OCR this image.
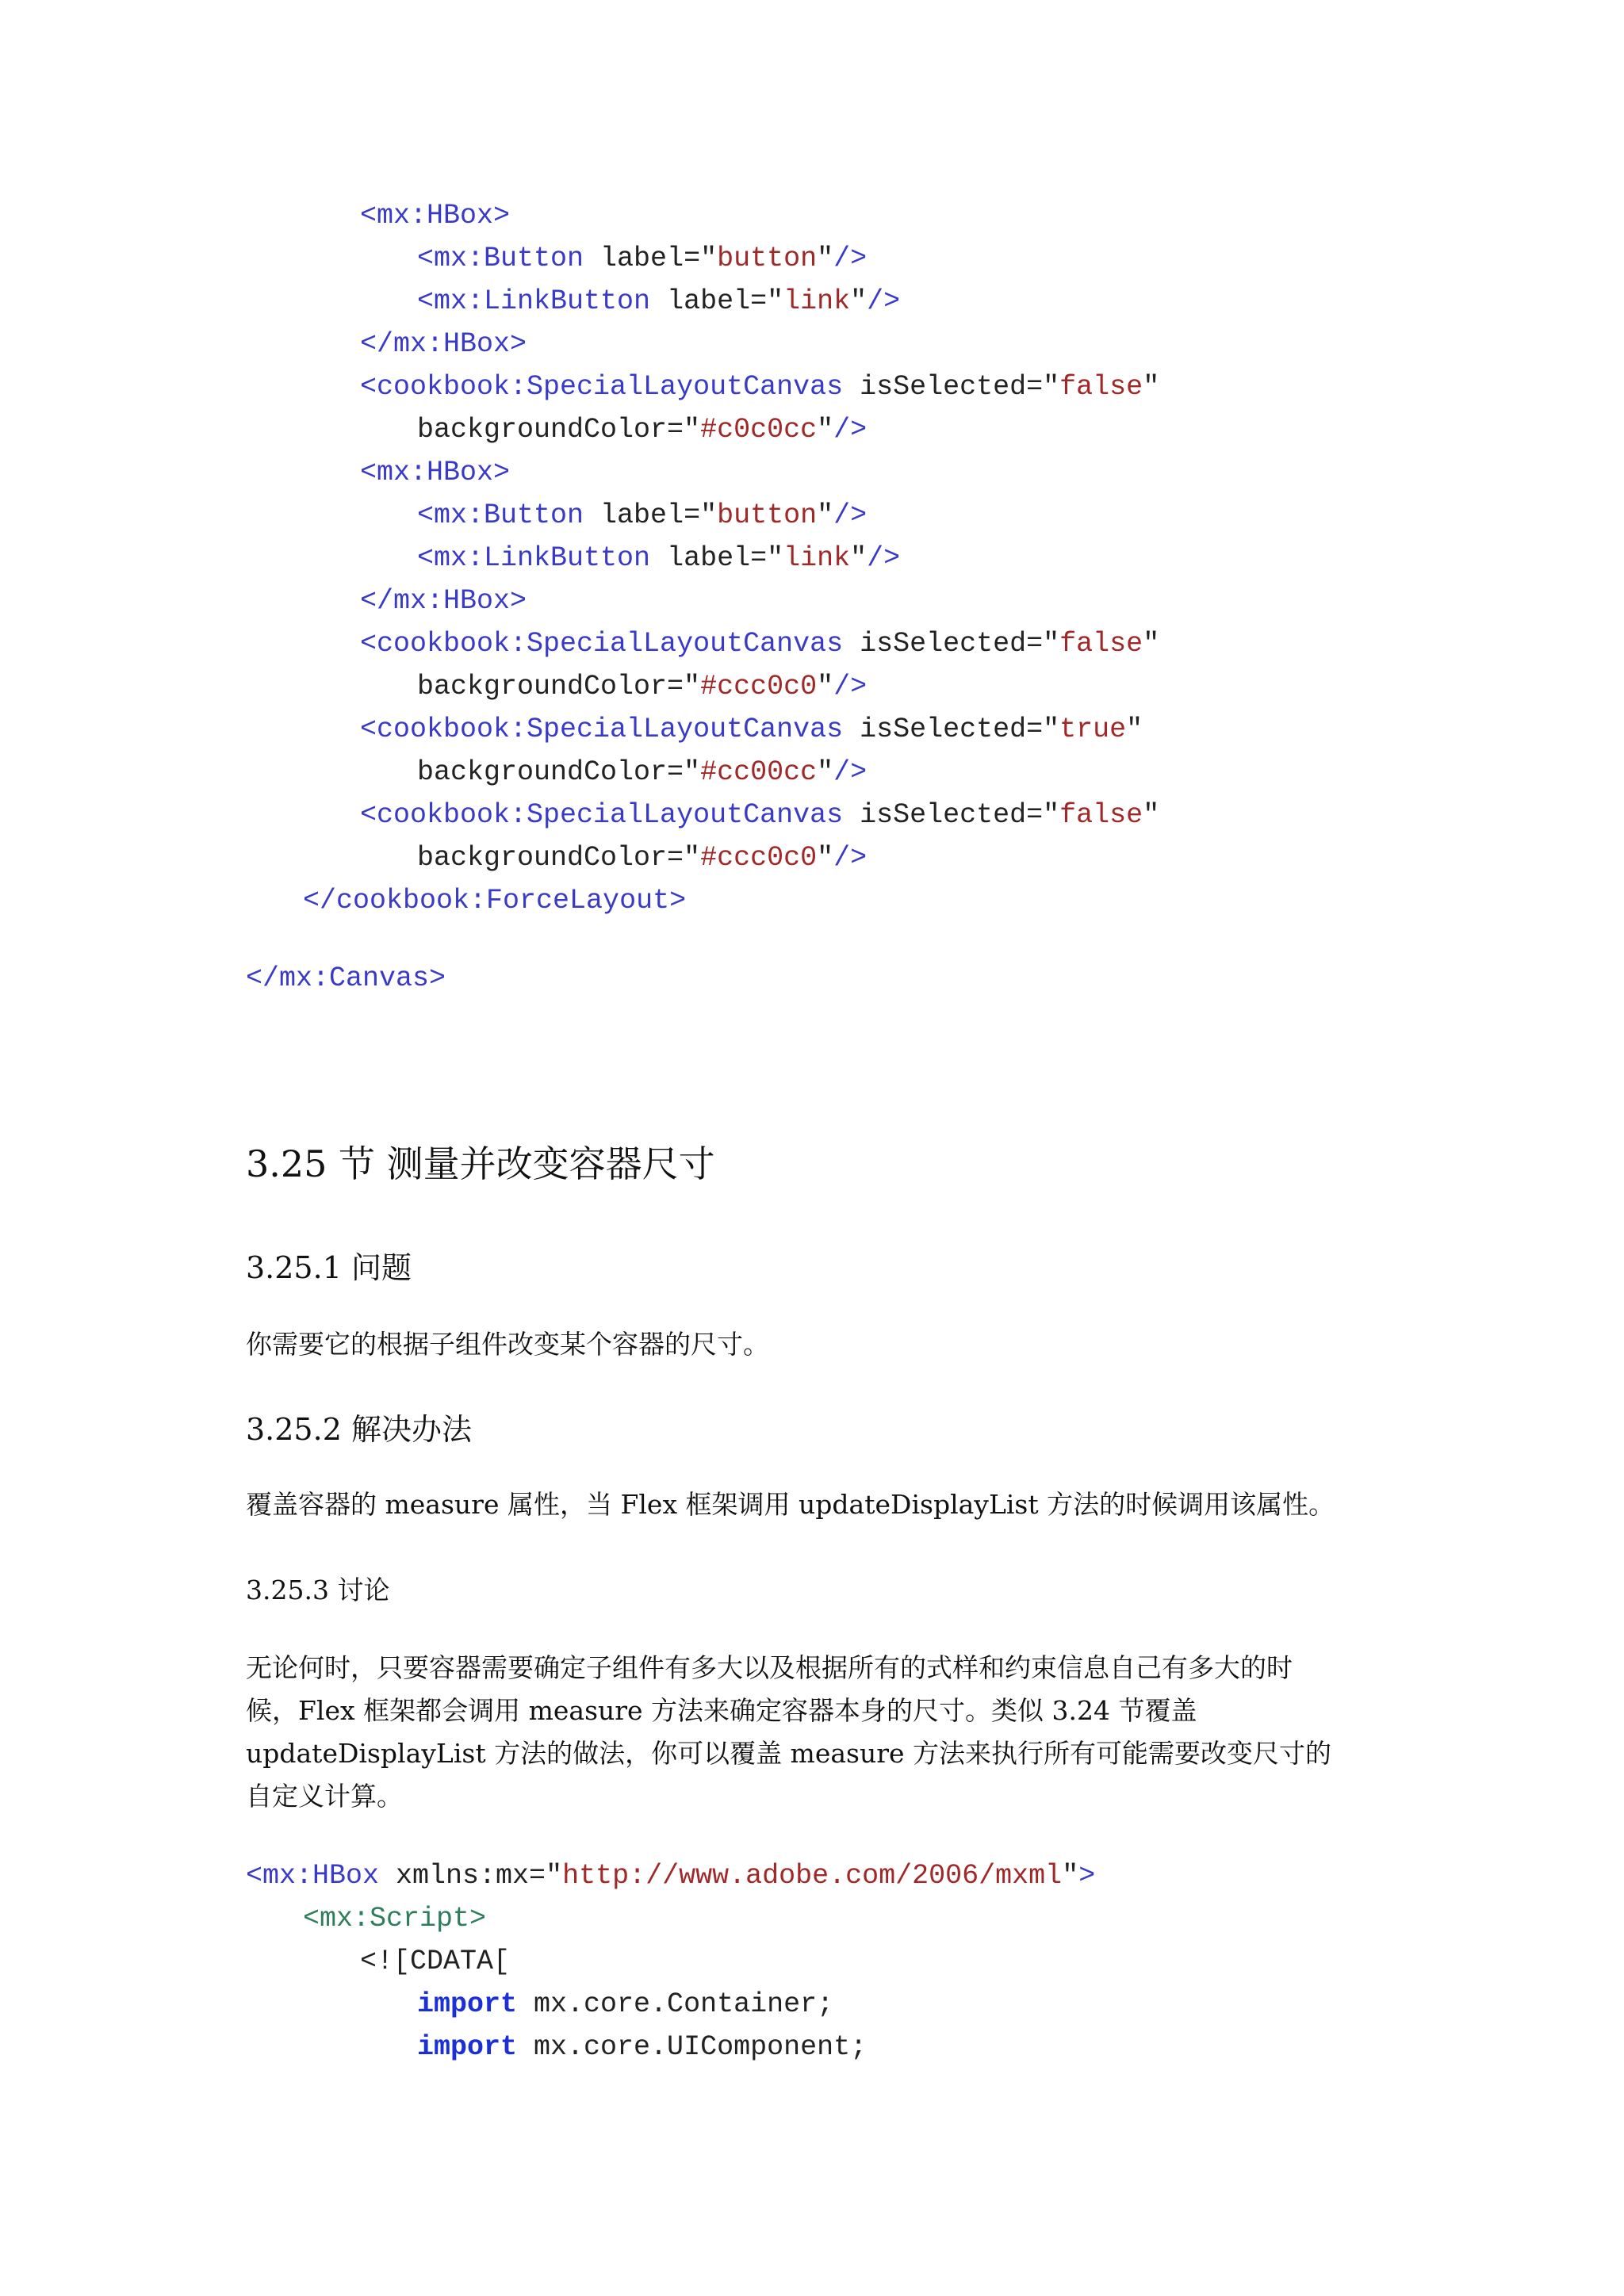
<mx:HBox>
<mx:Button label="button"/>
<mx:LinkButton label="link"/>
</mx:HBox>
<cookbook:SpecialLayoutCanvas isSelected="false"
backgroundColor="#c0c0cc"/>
<mx:HBox>
<mx:Button label="button"/>
<mx:LinkButton label="link"/>
</mx:HBox>
<cookbook:SpecialLayoutCanvas isSelected="false"
backgroundColor="#ccc0c0"/>
<cookbook:SpecialLayoutCanvas isSelected="true"
backgroundColor="#cc00cc"/>
<cookbook:SpecialLayoutCanvas isSelected="false"
backgroundColor="#ccc0c0"/>
</cookbook:ForceLayout>
</mx:Canvas>
3.25 节 测量并改变容器尺寸
3.25.1 问题
你需要它的根据子组件改变某个容器的尺寸。
3.25.2 解决办法
覆盖容器的 measure 属性，当 Flex 框架调用 updateDisplayList 方法的时候调用该属性。
3.25.3 讨论
无论何时，只要容器需要确定子组件有多大以及根据所有的式样和约束信息自己有多大的时
候，Flex 框架都会调用 measure 方法来确定容器本身的尺寸。类似 3.24 节覆盖
updateDisplayList 方法的做法，你可以覆盖 measure 方法来执行所有可能需要改变尺寸的
自定义计算。
<mx:HBox xmlns:mx="http://www.adobe.com/2006/mxml">
<mx:Script>
<![CDATA[
import mx.core.Container;
import mx.core.UIComponent;
